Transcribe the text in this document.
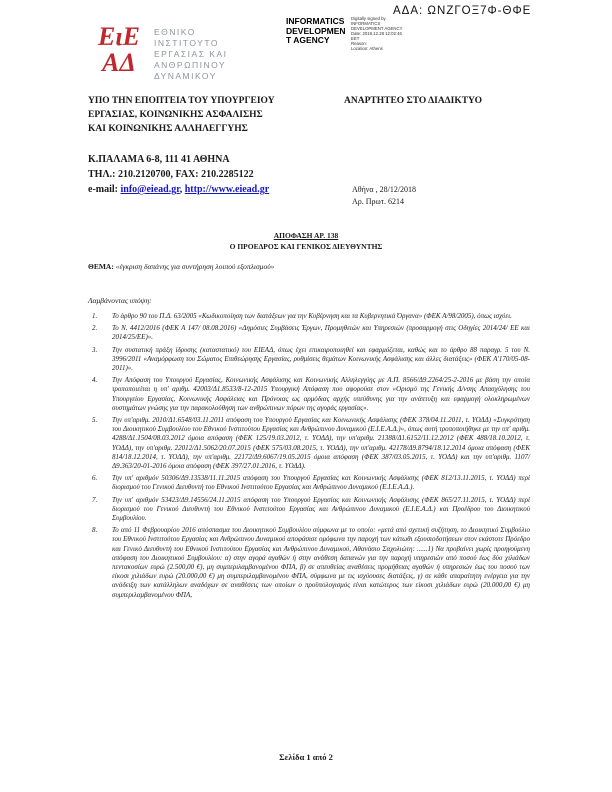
ΑΔΑ: ΩΝΖΓΟΞ7Φ-ΘΦΕ
ΕιΕ
ΑΔ
ΕΘΝΙΚΟ
ΙΝΣΤΙΤΟΥΤΟ
ΕΡΓΑΣΙΑΣ ΚΑΙ
ΑΝΘΡΩΠΙΝΟΥ
ΔΥΝΑΜΙΚΟΥ
INFORMATICS
DEVELOPMEN
T AGENCY
Digitally signed by
INFORMATICS
DEVELOPMENT AGENCY
Date: 2018.12.28 12:02:46
EET
Reason:
Location: Athens
ΥΠΟ ΤΗΝ ΕΠΟΠΤΕΙΑ ΤΟΥ ΥΠΟΥΡΓΕΙΟΥ
ΕΡΓΑΣΙΑΣ, ΚΟΙΝΩΝΙΚΗΣ ΑΣΦΑΛΙΣΗΣ
ΚΑΙ ΚΟΙΝΩΝΙΚΗΣ ΑΛΛΗΛΕΓΓΥΗΣ
ΑΝΑΡΤΗΤΕΟ ΣΤΟ ΔΙΑΔΙΚΤΥΟ
Κ.ΠΑΛΑΜΑ 6-8, 111 41 ΑΘΗΝΑ
ΤΗΛ.: 210.2120700, FAX: 210.2285122
e-mail: info@eiead.gr, http://www.eiead.gr	Αθήνα , 28/12/2018
Αρ. Πρωτ. 6214
ΑΠΟΦΑΣΗ ΑΡ. 138
Ο ΠΡΟΕΔΡΟΣ ΚΑΙ ΓΕΝΙΚΟΣ ΔΙΕΥΘΥΝΤΗΣ
ΘΕΜΑ: «έγκριση δαπάνης για συντήρηση λοιπού εξοπλισμού»
Λαμβάνοντας υπόψη:
1.	Το άρθρο 90 του Π.Δ. 63/2005 «Κωδικοποίηση των διατάξεων για την Κυβέρνηση και τα Κυβερνητικά Όργανα» (ΦΕΚ Α/98/2005), όπως ισχύει.
2.	Το Ν. 4412/2016 (ΦΕΚ Α 147/ 08.08.2016) «Δημόσιες Συμβάσεις Έργων, Προμηθειών και Υπηρεσιών (προσαρμογή στις Οδηγίες 2014/24/ ΕΕ και 2014/25/ΕΕ)».
3.	Την συστατική πράξη ίδρυσης (καταστατικό) του ΕΙΕΑΔ, όπως έχει επικαιροποιηθεί και εφαρμόζεται, καθώς και το άρθρο 88 παραγρ. 5 του Ν. 3996/2011 «Αναμόρφωση του Σώματος Επιθεώρησης Εργασίας, ρυθμίσεις θεμάτων Κοινωνικής Ασφάλισης και άλλες διατάξεις» (ΦΕΚ Α'170/05-08-2011)».
4.	Την Απόφαση του Υπουργού Εργασίας, Κοινωνικής Ασφάλισης και Κοινωνικής Αλληλεγγύης με Α.Π. 8566/Δ9.2264/25-2-2016 με βάση την οποία τροποποιείται η υπ' αριθμ. 42003/Δ1.8533/8-12-2015 Υπουργική Απόφαση που αφορούσε στον «Ορισμό της Γενικής Δ/νσης Απασχόλησης του Υπουργείου Εργασίας, Κοινωνικής Ασφάλειας και Πρόνοιας ως αρμόδιας αρχής υπεύθυνης για την ανάπτυξη και εφαρμογή ολοκληρωμένων συστημάτων γνώσης για την παρακολούθηση των ανθρώπινων πόρων της αγοράς εργασίας».
5.	Την υπ'αριθμ. 2010/Δ1.6548/03.11.2011 απόφαση του Υπουργού Εργασίας και Κοινωνικής Ασφάλισης (ΦΕΚ 378/04.11.2011, τ. ΥΟΔΔ) «Συγκρότηση του Διοικητικού Συμβουλίου του Εθνικού Ινστιτούτου Εργασίας και Ανθρώπινου Δυναμικού (Ε.Ι.Ε.Α.Δ.)», όπως αυτή τροποποιήθηκε με την υπ' αριθμ. 4288/Δ1.1504/08.03.2012 όμοια απόφαση (ΦΕΚ 125/19.03.2012, τ. ΥΟΔΔ), την υπ'αριθμ. 21388/Δ1.6152/11.12.2012 (ΦΕΚ 488/18.10.2012, τ. ΥΟΔΔ), την υπ'αριθμ. 22012/Δ1.5062/20.07.2015 (ΦΕΚ 575/03.08.2015, τ. ΥΟΔΔ), την υπ'αριθμ. 42178/Δ9.8794/18.12.2014 όμοια απόφαση (ΦΕΚ 814/18.12.2014, τ. ΥΟΔΔ), την υπ'αριθμ. 22172/Δ9.6067/19.05.2015 όμοια απόφαση (ΦΕΚ 387/03.05.2015, τ. ΥΟΔΔ) και την υπ'αριθμ. 1107/Δ9.363/20-01-2016 όμοια απόφαση (ΦΕΚ 397/27.01.2016, τ. ΥΟΔΔ).
6.	Την υπ' αριθμόν 50306/Δ9.13538/11.11.2015 απόφαση του Υπουργού Εργασίας και Κοινωνικής Ασφάλισης (ΦΕΚ 812/13.11.2015, τ. ΥΟΔΔ) περί διορισμού του Γενικού Διευθυντή του Εθνικού Ινστιτούτου Εργασίας και Ανθρώπινου Δυναμικού (Ε.Ι.Ε.Α.Δ.).
7.	Την υπ' αριθμόν 53423/Δ9.14556/24.11.2015 απόφαση του Υπουργού Εργασίας και Κοινωνικής Ασφάλισης (ΦΕΚ 865/27.11.2015, τ. ΥΟΔΔ) περί διορισμού του Γενικού Διευθυντή του Εθνικού Ινστιτούτου Εργασίας και Ανθρώπινου Δυναμικού (Ε.Ι.Ε.Α.Δ.) και Προέδρου του Διοικητικού Συμβουλίου.
8.	Το από 11 Φεβρουαρίου 2016 απόσπασμα του Διοικητικού Συμβουλίου σύμφωνα με το οποίο: «μετά από σχετική συζήτηση, το Διοικητικό Συμβούλιο του Εθνικού Ινστιτούτου Εργασίας και Ανθρώπινου Δυναμικού αποφάσισε ομόφωνα την παροχή των κάτωθι εξουσιοδοτήσεων στον εκάστοτε Πρόεδρο και Γενικό Διευθυντή του Εθνικού Ινστιτούτου Εργασίας και Ανθρώπινου Δυναμικού, Αθανάσιο Σαχολιώτη: ......1) Να προβαίνει χωρίς προηγούμενη απόφαση του Διοικητικού Συμβουλίου: α) στην αγορά αγαθών ή στην ανάθεση δαπανών για την παροχή υπηρεσιών από ποσού έως δύο χιλιάδων πεντακοσίων ευρώ (2.500,00 €), μη συμπεριλαμβανομένου ΦΠΑ, β) σε απευθείας αναθέσεις προμήθειας αγαθών ή υπηρεσιών έως του ποσού των είκοσι χιλιάδων ευρώ (20.000,00 €) μη συμπεριλαμβανομένου ΦΠΑ, σύμφωνα με τις ισχύουσες διατάξεις, γ) σε κάθε απαραίτητη ενέργεια για την ανάδειξη των κατάλληλων αναδόχων σε αναθέσεις των οποίων ο προϋπολογισμός είναι κατώτερος των είκοσι χιλιάδων ευρώ (20.000,00 €) μη συμπεριλαμβανομένου ΦΠΑ,
Σελίδα 1 από 2
